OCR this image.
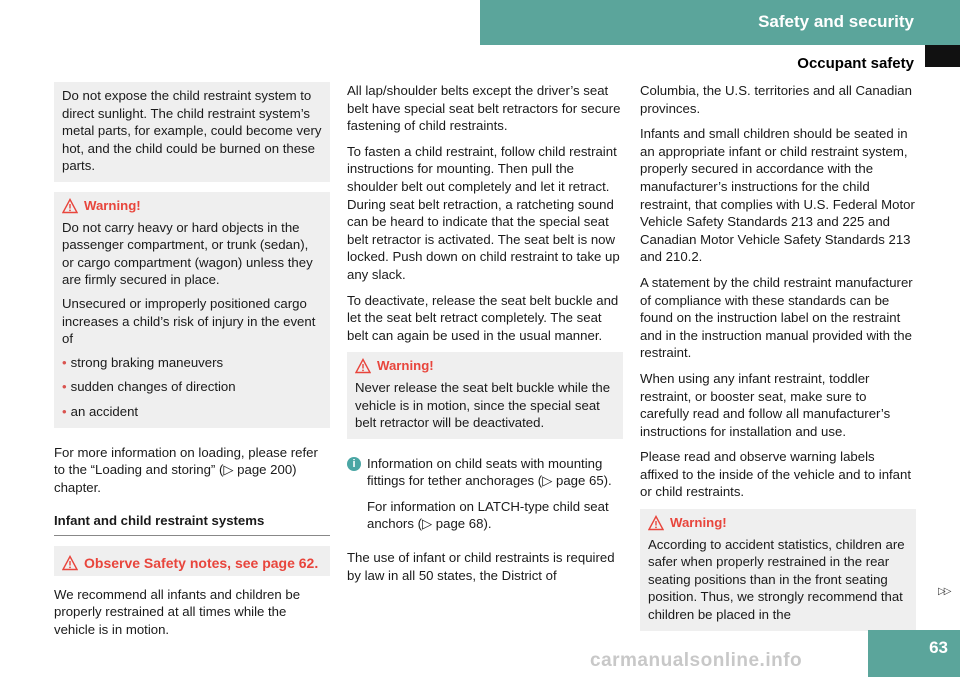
Safety and security
Occupant safety

Do not expose the child restraint system to direct sunlight. The child restraint system’s metal parts, for example, could become very hot, and the child could be burned on these parts.

Warning!

Do not carry heavy or hard objects in the passenger compartment, or trunk (sedan), or cargo compartment (wagon) unless they are firmly secured in place.

Unsecured or improperly positioned cargo increases a child’s risk of injury in the event of

• strong braking maneuvers
• sudden changes of direction
• an accident

For more information on loading, please refer to the “Loading and storing” (▷ page 200) chapter.

Infant and child restraint systems
Observe Safety notes, see page 62.

We recommend all infants and children be properly restrained at all times while the vehicle is in motion.

All lap/shoulder belts except the driver’s seat belt have special seat belt retractors for secure fastening of child restraints.

To fasten a child restraint, follow child restraint instructions for mounting. Then pull the shoulder belt out completely and let it retract. During seat belt retraction, a ratcheting sound can be heard to indicate that the special seat belt retractor is activated. The seat belt is now locked. Push down on child restraint to take up any slack.

To deactivate, release the seat belt buckle and let the seat belt retract completely. The seat belt can again be used in the usual manner.

Warning!

Never release the seat belt buckle while the vehicle is in motion, since the special seat belt retractor will be deactivated.

i Information on child seats with mounting fittings for tether anchorages (▷ page 65).

For information on LATCH-type child seat anchors (▷ page 68).

The use of infant or child restraints is required by law in all 50 states, the District of

Columbia, the U.S. territories and all Canadian provinces.

Infants and small children should be seated in an appropriate infant or child restraint system, properly secured in accordance with the manufacturer’s instructions for the child restraint, that complies with U.S. Federal Motor Vehicle Safety Standards 213 and 225 and Canadian Motor Vehicle Safety Standards 213 and 210.2.

A statement by the child restraint manufacturer of compliance with these standards can be found on the instruction label on the restraint and in the instruction manual provided with the restraint.

When using any infant restraint, toddler restraint, or booster seat, make sure to carefully read and follow all manufacturer’s instructions for installation and use.

Please read and observe warning labels affixed to the inside of the vehicle and to infant or child restraints.

Warning!

According to accident statistics, children are safer when properly restrained in the rear seating positions than in the front seating position. Thus, we strongly recommend that children be placed in the

▷▷
63
carmanualsonline.info
